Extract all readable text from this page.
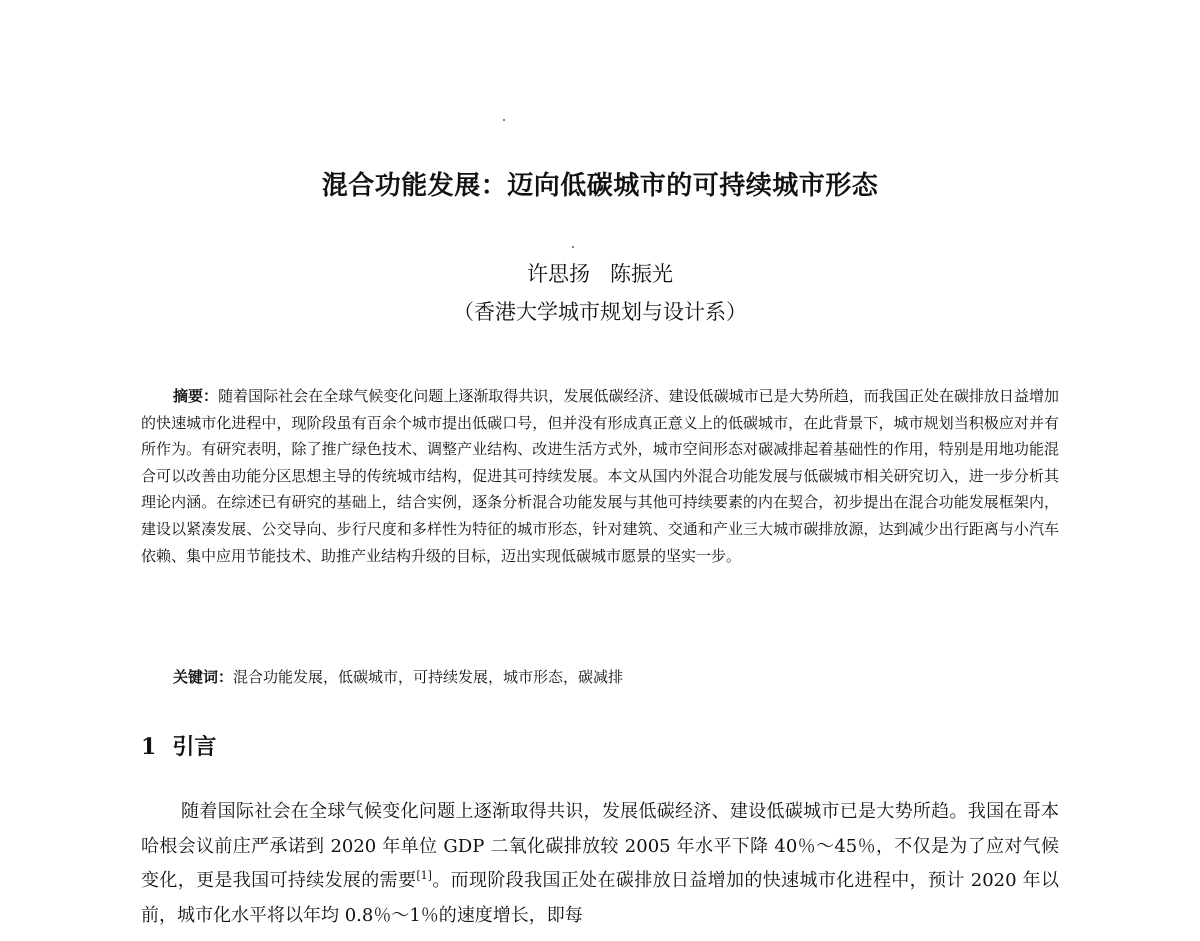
混合功能发展：迈向低碳城市的可持续城市形态

许思扬 陈振光

（香港大学城市规划与设计系）

摘要：随着国际社会在全球气候变化问题上逐渐取得共识，发展低碳经济、建设低碳城市已是大势所趋，而我国正处在碳排放日益增加的快速城市化进程中，现阶段虽有百余个城市提出低碳口号，但并没有形成真正意义上的低碳城市，在此背景下，城市规划当积极应对并有所作为。有研究表明，除了推广绿色技术、调整产业结构、改进生活方式外，城市空间形态对碳减排起着基础性的作用，特别是用地功能混合可以改善由功能分区思想主导的传统城市结构，促进其可持续发展。本文从国内外混合功能发展与低碳城市相关研究切入，进一步分析其理论内涵。在综述已有研究的基础上，结合实例，逐条分析混合功能发展与其他可持续要素的内在契合，初步提出在混合功能发展框架内，建设以紧凑发展、公交导向、步行尺度和多样性为特征的城市形态，针对建筑、交通和产业三大城市碳排放源，达到减少出行距离与小汽车依赖、集中应用节能技术、助推产业结构升级的目标，迈出实现低碳城市愿景的坚实一步。

关键词：混合功能发展，低碳城市，可持续发展，城市形态，碳减排

1 引言

随着国际社会在全球气候变化问题上逐渐取得共识，发展低碳经济、建设低碳城市已是大势所趋。我国在哥本哈根会议前庄严承诺到 2020 年单位 GDP 二氧化碳排放较 2005 年水平下降 40％～45％，不仅是为了应对气候变化，更是我国可持续发展的需要[1]。而现阶段我国正处在碳排放日益增加的快速城市化进程中，预计 2020 年以前，城市化水平将以年均 0.8％～1％的速度增长，即每
